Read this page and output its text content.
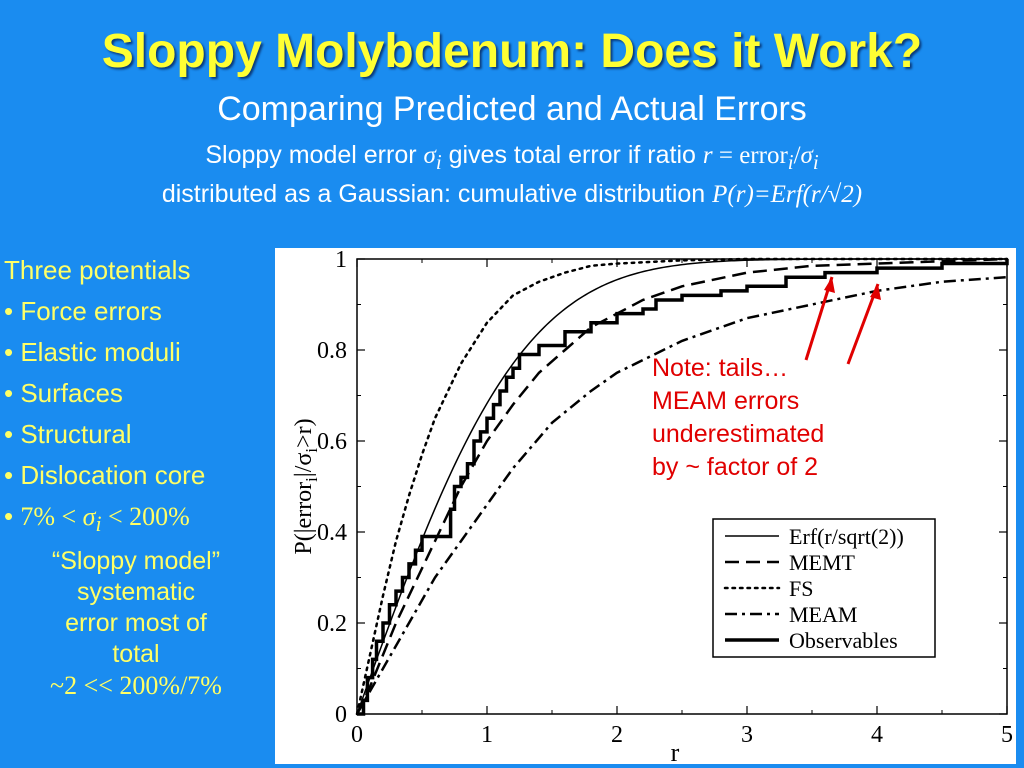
Sloppy Molybdenum: Does it Work?
Comparing Predicted and Actual Errors
Sloppy model error $\sigma_i$ gives total error if ratio $r = error_i/\sigma_i$
distributed as a Gaussian: cumulative distribution P(r)=Erf(r/√2)
Three potentials
• Force errors
• Elastic moduli
• Surfaces
• Structural
• Dislocation core
• $7\% < \sigma_i < 200\%$
“Sloppy model”
systematic
error most of
total
~2 << 200%/7%
0	1	2	3	4	5
0
0.2
0.4
0.6
0.8
1
r
$P(|error_i|/\sigma_i>r)$
Erf(r/sqrt(2))
MEMT
FS
MEAM
Observables
Note: tails…
MEAM errors
underestimated
by ~ factor of 2
